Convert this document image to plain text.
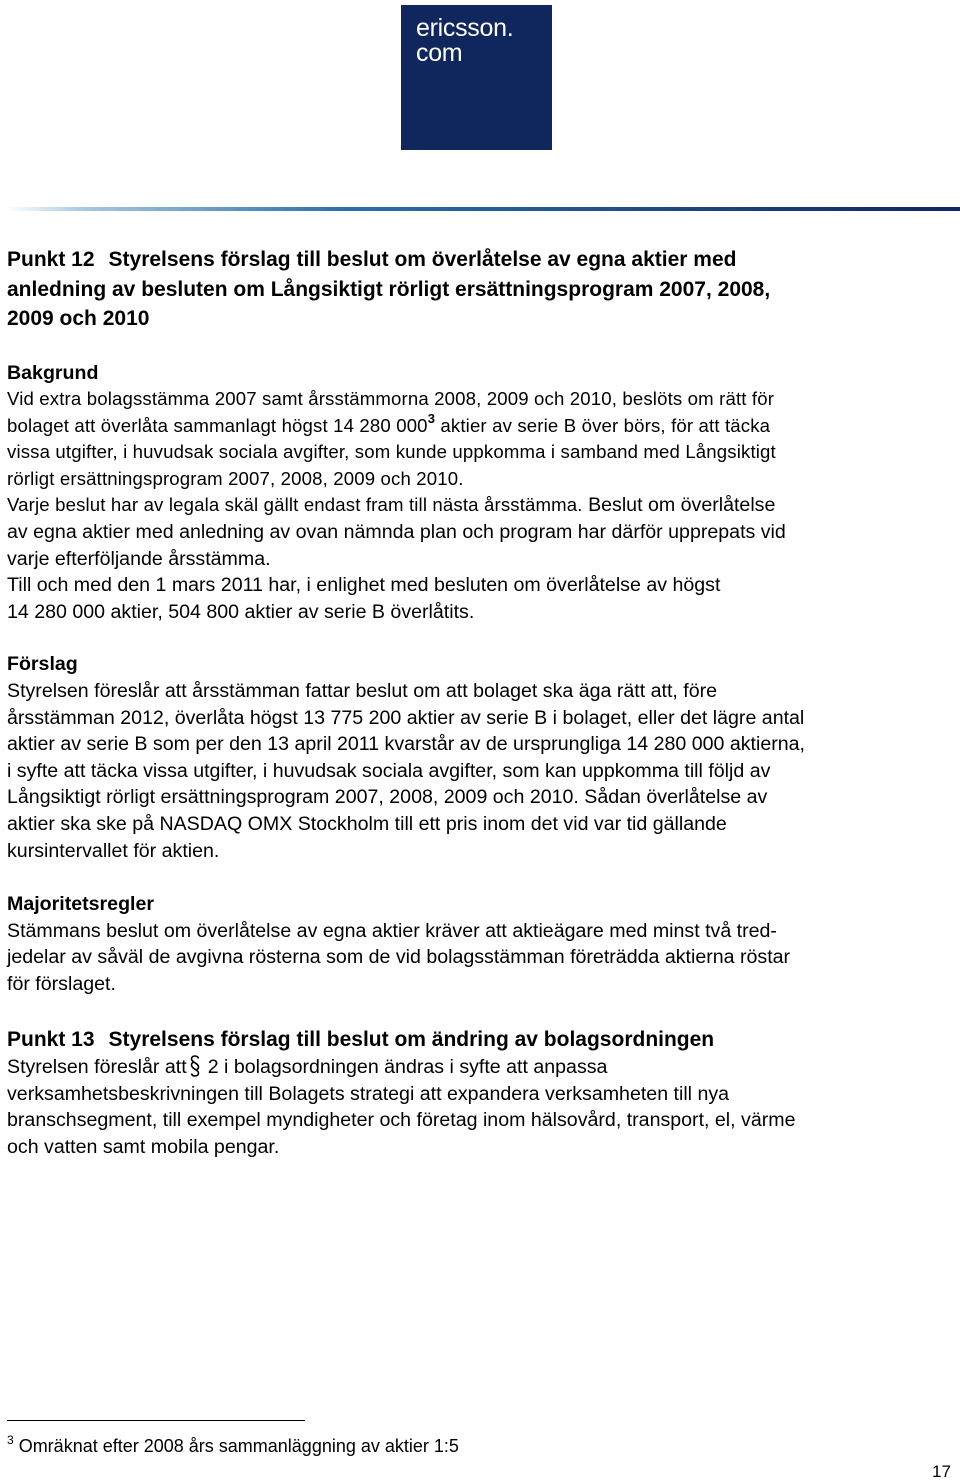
ericsson.
com

Punkt 12 Styrelsens förslag till beslut om överlåtelse av egna aktier med

anledning av besluten om Långsiktigt rörligt ersättningsprogram 2007, 2008,

2009 och 2010

Bakgrund

Vid extra bolagsstämma 2007 samt årsstämmorna 2008, 2009 och 2010, beslöts om rätt för

bolaget att överlåta sammanlagt högst 14 280 $000^3$ aktier av serie B över börs, för att täcka

vissa utgifter, i huvudsak sociala avgifter, som kunde uppkomma i samband med Långsiktigt

rörligt ersättningsprogram 2007, 2008, 2009 och 2010.

Varje beslut har av legala skäl gällt endast fram till nästa årsstämma. Beslut om överlåtelse

av egna aktier med anledning av ovan nämnda plan och program har därför upprepats vid

varje efterföljande årsstämma.

Till och med den 1 mars 2011 har, i enlighet med besluten om överlåtelse av högst

14 280 000 aktier, 504 800 aktier av serie B överlåtits.

Förslag

Styrelsen föreslår att årsstämman fattar beslut om att bolaget ska äga rätt att, före

årsstämman 2012, överlåta högst 13 775 200 aktier av serie B i bolaget, eller det lägre antal

aktier av serie B som per den 13 april 2011 kvarstår av de ursprungliga 14 280 000 aktierna,

i syfte att täcka vissa utgifter, i huvudsak sociala avgifter, som kan uppkomma till följd av

Långsiktigt rörligt ersättningsprogram 2007, 2008, 2009 och 2010. Sådan överlåtelse av

aktier ska ske på NASDAQ OMX Stockholm till ett pris inom det vid var tid gällande

kursintervallet för aktien.

Majoritetsregler

Stämmans beslut om överlåtelse av egna aktier kräver att aktieägare med minst två tred-

jedelar av såväl de avgivna rösterna som de vid bolagsstämman företrädda aktierna röstar

för förslaget.

Punkt 13 Styrelsens förslag till beslut om ändring av bolagsordningen

Styrelsen föreslår att 2 i bolagsordningen ändras i syfte att anpassa

verksamhetsbeskrivningen till Bolagets strategi att expandera verksamheten till nya

branschsegment, till exempel myndigheter och företag inom hälsovård, transport, el, värme

och vatten samt mobila pengar.

$^3$ Omräknat efter 2008 års sammanläggning av aktier 1:5
17
